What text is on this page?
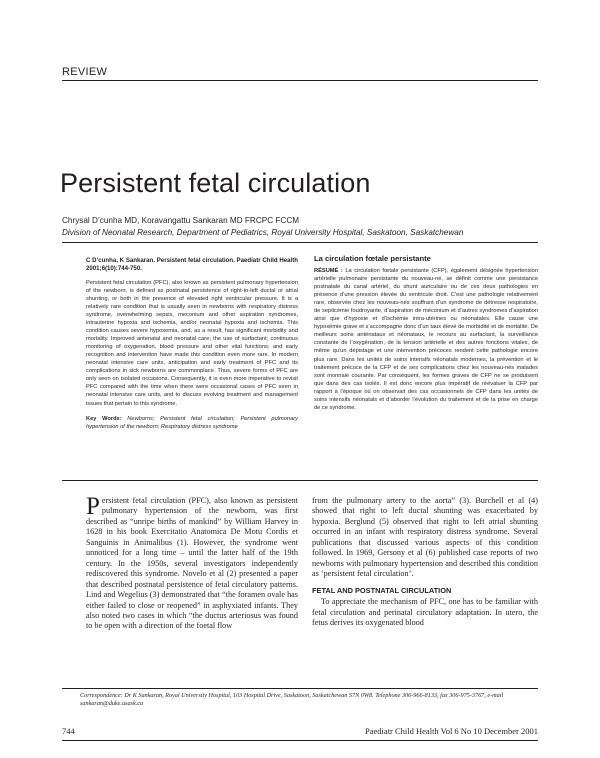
REVIEW
Persistent fetal circulation
Chrysal D’cunha MD, Koravangattu Sankaran MD FRCPC FCCM
Division of Neonatal Research, Department of Pediatrics, Royal University Hospital, Saskatoon, Saskatchewan
C D’cunha, K Sankaran. Persistent fetal circulation. Paediatr Child Health 2001;6(10):744-750.
Persistent fetal circulation (PFC), also known as persistent pulmonary hypertension of the newborn, is defined as postnatal persistence of right-to-left ductal or atrial shunting, or both in the presence of elevated right ventricular pressure. It is a relatively rare condition that is usually seen in newborns with respiratory distress syndrome, overwhelming sepsis, meconium and other aspiration syndromes, intrauterine hypoxia and ischemia, and/or neonatal hypoxia and ischemia. This condition causes severe hypoxemia, and, as a result, has significant morbidity and mortality. Improved antenatal and neonatal care; the use of surfactant; continuous monitoring of oxygenation, blood pressure and other vital functions; and early recognition and intervention have made this condition even more rare. In modern neonatal intensive care units, anticipation and early treatment of PFC and its complications in sick newborns are commonplace. Thus, severe forms of PFC are only seen on isolated occasions. Consequently, it is even more imperative to revisit PFC compared with the time when there were occasional cases of PFC seen in neonatal intensive care units, and to discuss evolving treatment and management issues that pertain to this syndrome.
Key Words: Newborns; Persistent fetal circulation; Persistent pulmonary hypertension of the newborn; Respiratory distress syndrome
La circulation fœtale persistante
RÉSUMÉ : La circulation fœtale persistante (CFP), également désignée hypertension artérielle pulmonaire persistante du nouveau-né, se définit comme une persistance postnatale du canal artériel, du shunt auriculaire ou de ces deux pathologies en présence d’une pression élevée du ventricule droit. C’est une pathologie relativement rare, observée chez les nouveau-nés souffrant d’un syndrome de détresse respiratoire, de septicémie foudroyante, d’aspiration de méconium et d’autres syndromes d’aspiration ainsi que d’hypoxie et d’ischémie intra-utérines ou néonatales. Elle cause une hypoxémie grave et s’accompagne donc d’un taux élevé de morbidité et de mortalité. De meilleurs soins anténataux et néonataux, le recours au surfactant, la surveillance constante de l’oxygénation, de la tension artérielle et des autres fonctions vitales, de même qu’un dépistage et une intervention précoces rendent cette pathologie encore plus rare. Dans les unités de soins intensifs néonatals modernes, la prévention et le traitement précoce de la CFP et de ses complications chez les nouveau-nés malades sont monnaie courante. Par conséquent, les formes graves de CFP ne se produisent que dans des cas isolés. Il est donc encore plus impératif de réévaluer la CFP par rapport à l’époque où on observait des cas occasionnels de CFP dans les unités de soins intensifs néonatals et d’aborder l’évolution du traitement et de la prise en charge de ce syndrome.
P ersistent fetal circulation (PFC), also known as persistent pulmonary hypertension of the newborn, was first described as “unripe births of mankind” by William Harvey in 1628 in his book Exercitatio Anatomica De Motu Cordis et Sanguinis in Animalibus (1). However, the syndrome went unnoticed for a long time – until the latter half of the 19th century. In the 1950s, several investigators independently rediscovered this syndrome. Novelo et al (2) presented a paper that described postnatal persistence of fetal circulatory patterns. Lind and Wegelius (3) demonstrated that “the foramen ovale has either failed to close or reopened” in asphyxiated infants. They also noted two cases in which “the ductus arteriosus was found to be open with a direction of the foetal flow
from the pulmonary artery to the aorta” (3). Burchell et al (4) showed that right to left ductal shunting was exacerbated by hypoxia. Berglund (5) observed that right to left atrial shunting occurred in an infant with respiratory distress syndrome. Several publications that discussed various aspects of this condition followed. In 1969, Gersony et al (6) published case reports of two newborns with pulmonary hypertension and described this condition as ‘persistent fetal circulation’.
FETAL AND POSTNATAL CIRCULATION
To appreciate the mechanism of PFC, one has to be familiar with fetal circulation and perinatal circulatory adaptation. In utero, the fetus derives its oxygenated blood
Correspondence: Dr K Sankaran, Royal University Hospital, 103 Hospital Drive, Saskatoon, Saskatchewan S7N 0W8. Telephone 306-966-8133, fax 306-975-3767, e-mail sankaran@duke.usask.ca
744	Paediatr Child Health Vol 6 No 10 December 2001
